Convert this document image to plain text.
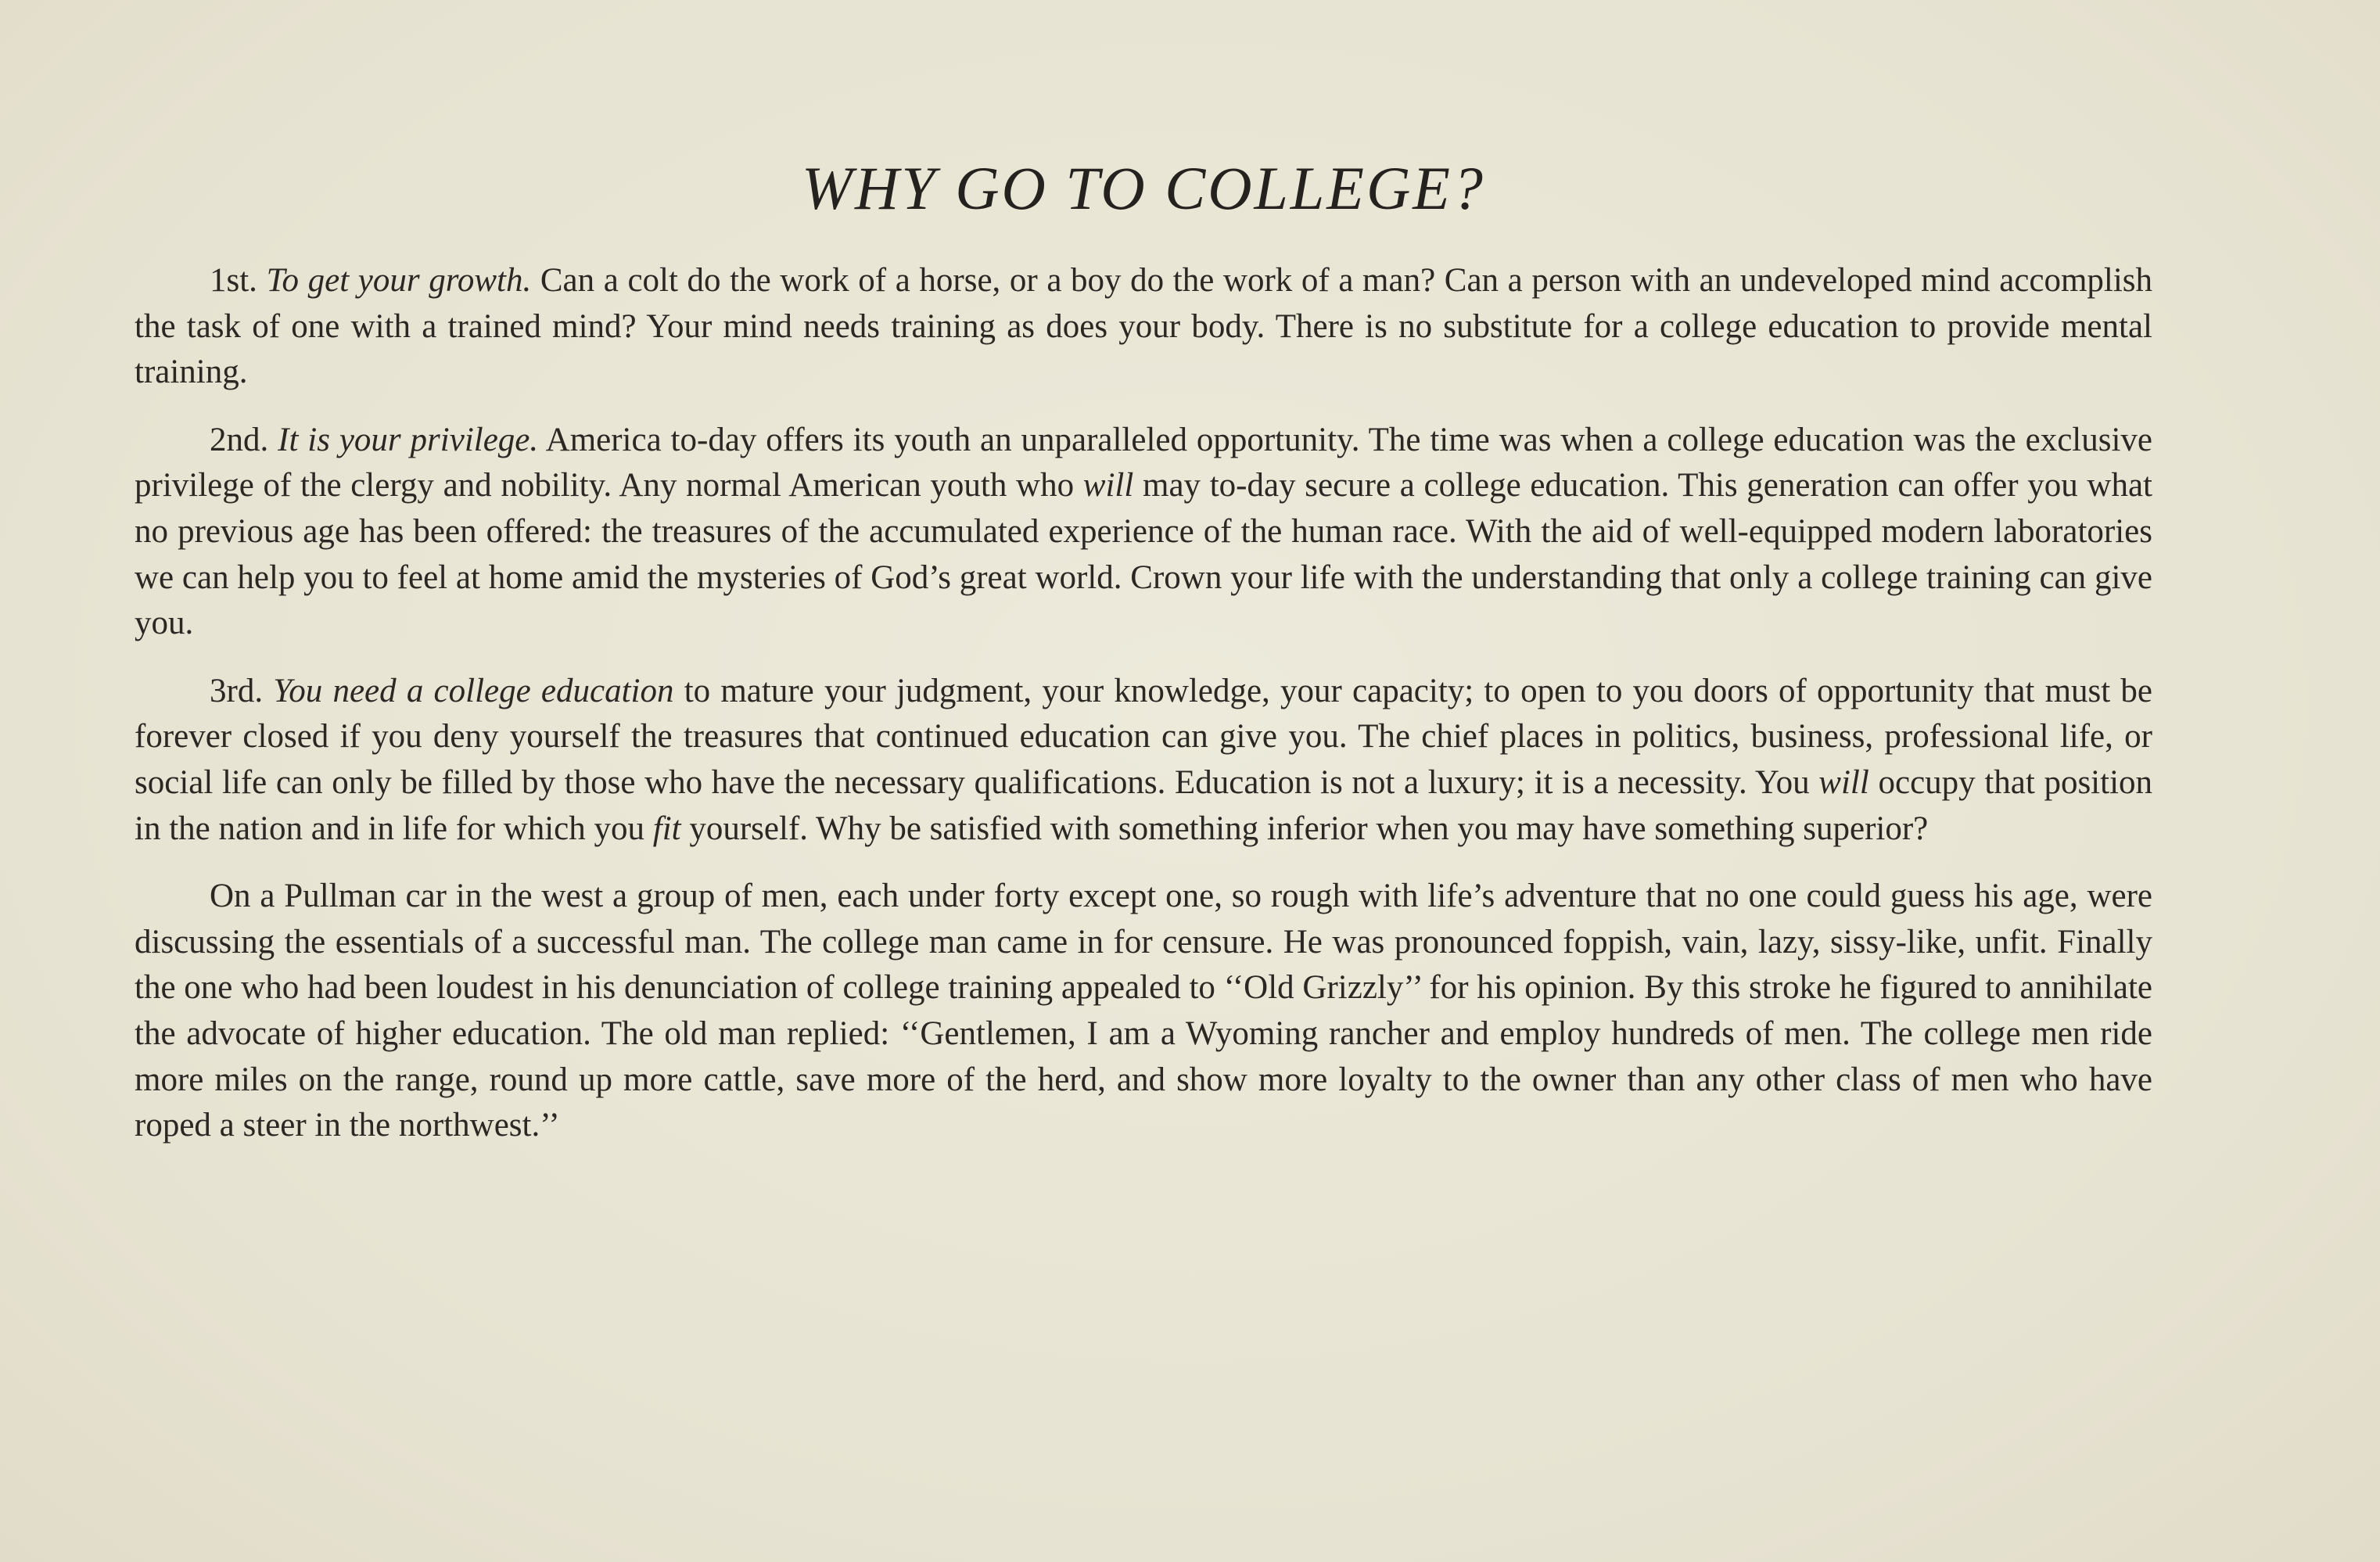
WHY GO TO COLLEGE?

1st. To get your growth. Can a colt do the work of a horse, or a boy do the work of a man? Can a person with an undeveloped mind accomplish the task of one with a trained mind? Your mind needs training as does your body. There is no substitute for a college education to provide mental training.

2nd. It is your privilege. America to-day offers its youth an unparalleled opportunity. The time was when a college education was the exclusive privilege of the clergy and nobility. Any normal American youth who will may to-day secure a college education. This generation can offer you what no previous age has been offered: the treasures of the accumulated experience of the human race. With the aid of well-equipped modern laboratories we can help you to feel at home amid the mysteries of God’s great world. Crown your life with the understanding that only a college training can give you.

3rd. You need a college education to mature your judgment, your knowledge, your capacity; to open to you doors of opportunity that must be forever closed if you deny yourself the treasures that continued education can give you. The chief places in politics, business, professional life, or social life can only be filled by those who have the necessary qualifications. Education is not a luxury; it is a necessity. You will occupy that position in the nation and in life for which you fit yourself. Why be satisfied with something inferior when you may have something superior?

On a Pullman car in the west a group of men, each under forty except one, so rough with life’s adventure that no one could guess his age, were discussing the essentials of a successful man. The college man came in for censure. He was pronounced foppish, vain, lazy, sissy-like, unfit. Finally the one who had been loudest in his denunciation of college training appealed to ‘‘Old Grizzly’’ for his opinion. By this stroke he figured to annihilate the advocate of higher education. The old man replied: ‘‘Gentlemen, I am a Wyoming rancher and employ hundreds of men. The college men ride more miles on the range, round up more cattle, save more of the herd, and show more loyalty to the owner than any other class of men who have roped a steer in the northwest.’’
